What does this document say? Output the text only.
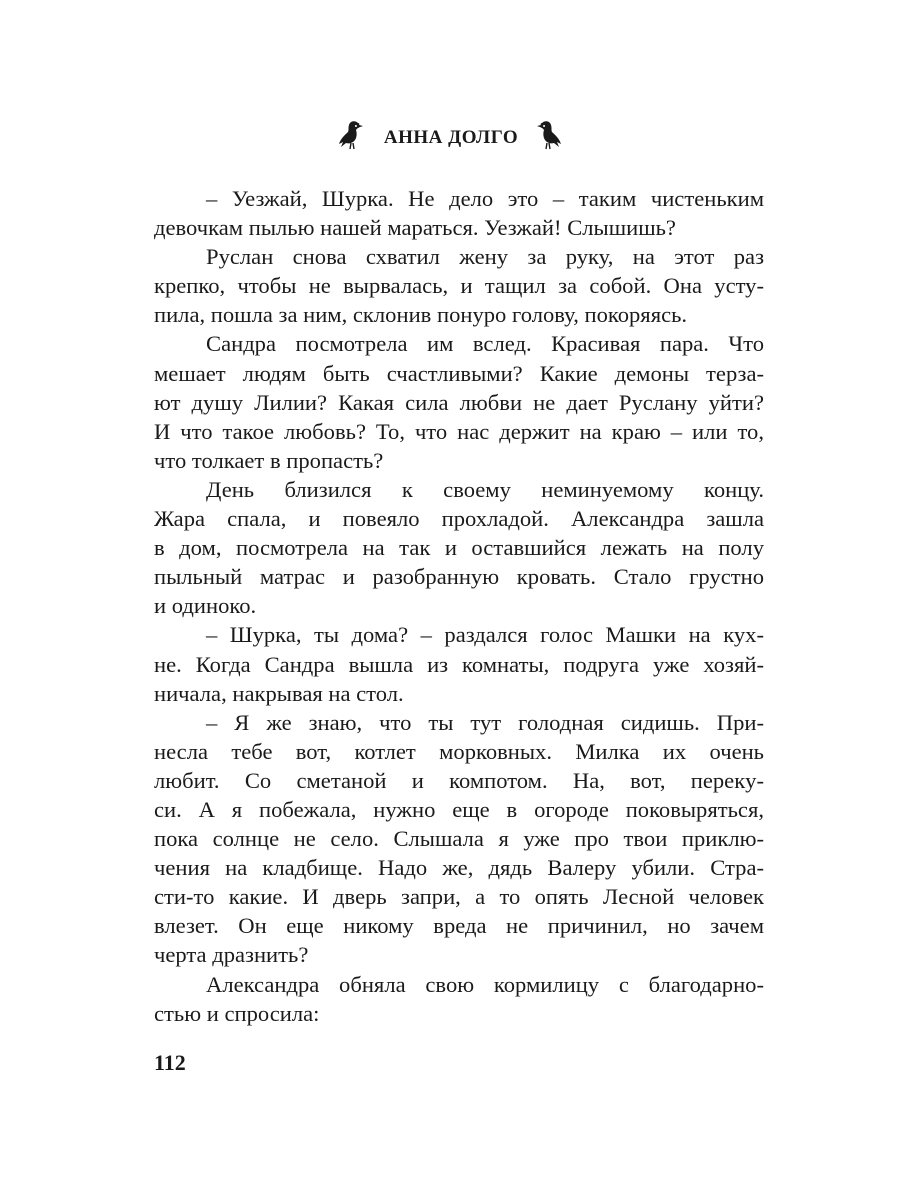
АННА ДОЛГО
– Уезжай, Шурка. Не дело это – таким чистеньким
девочкам пылью нашей мараться. Уезжай! Слышишь?
Руслан снова схватил жену за руку, на этот раз
крепко, чтобы не вырвалась, и тащил за собой. Она усту-
пила, пошла за ним, склонив понуро голову, покоряясь.
Сандра посмотрела им вслед. Красивая пара. Что
мешает людям быть счастливыми? Какие демоны терза-
ют душу Лилии? Какая сила любви не дает Руслану уйти?
И что такое любовь? То, что нас держит на краю – или то,
что толкает в пропасть?
День близился к своему неминуемому концу.
Жара спала, и повеяло прохладой. Александра зашла
в дом, посмотрела на так и оставшийся лежать на полу
пыльный матрас и разобранную кровать. Стало грустно
и одиноко.
– Шурка, ты дома? – раздался голос Машки на кух-
не. Когда Сандра вышла из комнаты, подруга уже хозяй-
ничала, накрывая на стол.
– Я же знаю, что ты тут голодная сидишь. При-
несла тебе вот, котлет морковных. Милка их очень
любит. Со сметаной и компотом. На, вот, перекy-
си. А я побежала, нужно еще в огороде поковыряться,
пока солнце не село. Слышала я уже про твои приклю-
чения на кладбище. Надо же, дядь Валеру убили. Стра-
сти-то какие. И дверь запри, а то опять Лесной человек
влезет. Он еще никому вреда не причинил, но зачем
черта дразнить?
Александра обняла свою кормилицу с благодарно-
стью и спросила:
112
